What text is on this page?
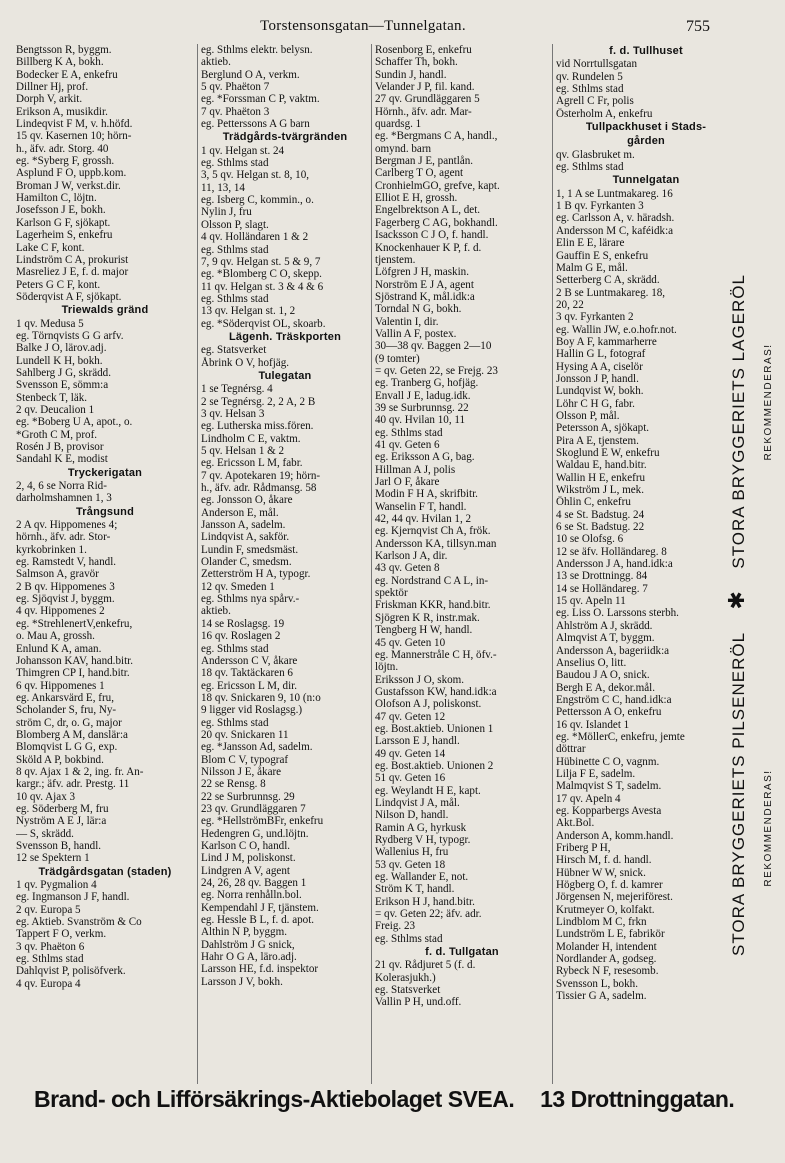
Torstensonsgatan—Tunnelgatan.	755
Bengtsson R, byggm.
Billberg K A, bokh.
Bodecker E A, enkefru
Dillner Hj, prof.
Dorph V, arkit.
Erikson A, musikdir.
Lindeqvist F M, v. h.höfd.
15 qv. Kasernen 10; hörn-
h., äfv. adr. Storg. 40
eg. *Syberg F, grossh.
Asplund F O, uppb.kom.
Broman J W, verkst.dir.
Hamilton C, löjtn.
Josefsson J E, bokh.
Karlson G F, sjökapt.
Lagerheim S, enkefru
Lake C F, kont.
Lindström C A, prokurist
Masreliez J E, f. d. major
Peters G C F, kont.
Söderqvist A F, sjökapt.
Triewalds gränd
1 qv. Medusa 5
eg. Törnqvists G G arfv.
Balke J O, lärov.adj.
Lundell K H, bokh.
Sahlberg J G, skrädd.
Svensson E, sömm:a
Stenbeck T, läk.
2 qv. Deucalion 1
eg. *Boberg U A, apot., o.
*Groth C M, prof.
Rosén J B, provisor
Sandahl K E, modist
Tryckerigatan
2, 4, 6 se Norra Rid-
darholmshamnen 1, 3
Trångsund
2 A qv. Hippomenes 4;
hörnh., äfv. adr. Stor-
kyrkobrinken 1.
eg. Ramstedt V, handl.
Salmson A, gravör
2 B qv. Hippomenes 3
eg. Sjöqvist J, byggm.
4 qv. Hippomenes 2
eg. *StrehlenertV,enkefru,
o. Mau A, grossh.
Enlund K A, aman.
Johansson KAV, hand.bitr.
Thimgren CP I, hand.bitr.
6 qv. Hippomenes 1
eg. Ankarsvärd E, fru,
Scholander S, fru, Ny-
ström C, dr, o. G, major
Blomberg A M, danslär:a
Blomqvist L G G, exp.
Sköld A P, bokbind.
8 qv. Ajax 1 & 2, ing. fr. An-
kargr.; äfv. adr. Prestg. 11
10 qv. Ajax 3
eg. Söderberg M, fru
Nyström A E J, lär:a
— S, skrädd.
Svensson B, handl.
12 se Spektern 1
Trädgårdsgatan (staden)
1 qv. Pygmalion 4
eg. Ingmanson J F, handl.
2 qv. Europa 5
eg. Aktieb. Svanström & Co
Tappert F O, verkm.
3 qv. Phaëton 6
eg. Sthlms stad
Dahlqvist P, polisöfverk.
4 qv. Europa 4
eg. Sthlms elektr. belysn.
aktieb.
Berglund O A, verkm.
5 qv. Phaëton 7
eg. *Forssman C P, vaktm.
7 qv. Phaëton 3
eg. Petterssons A G barn
Trädgårds-tvärgränden
1 qv. Helgan st. 24
eg. Sthlms stad
3, 5 qv. Helgan st. 8, 10,
11, 13, 14
eg. Isberg C, kommin., o.
Nylin J, fru
Olsson P, slagt.
4 qv. Holländaren 1 & 2
eg. Sthlms stad
7, 9 qv. Helgan st. 5 & 9, 7
eg. *Blomberg C O, skepp.
11 qv. Helgan st. 3 & 4 & 6
eg. Sthlms stad
13 qv. Helgan st. 1, 2
eg. *Söderqvist OL, skoarb.
Lägenh. Träskporten
eg. Statsverket
Åbrink O V, hofjäg.
Tulegatan
1 se Tegnérsg. 4
2 se Tegnérsg. 2, 2 A, 2 B
3 qv. Helsan 3
eg. Lutherska miss.fören.
Lindholm C E, vaktm.
5 qv. Helsan 1 & 2
eg. Ericsson L M, fabr.
7 qv. Apotekaren 19; hörn-
h., äfv. adr. Rådmansg. 58
eg. Jonsson O, åkare
Anderson E, mål.
Jansson A, sadelm.
Lindqvist A, sakför.
Lundin F, smedsmäst.
Olander C, smedsm.
Zetterström H A, typogr.
12 qv. Smeden 1
eg. Sthlms nya spårv.-
aktieb.
14 se Roslagsg. 19
16 qv. Roslagen 2
eg. Sthlms stad
Andersson C V, åkare
18 qv. Taktäckaren 6
eg. Ericsson L M, dir.
18 qv. Snickaren 9, 10 (n:o
9 ligger vid Roslagsg.)
eg. Sthlms stad
20 qv. Snickaren 11
eg. *Jansson Ad, sadelm.
Blom C V, typograf
Nilsson J E, åkare
22 se Rensg. 8
22 se Surbrunnsg. 29
23 qv. Grundläggaren 7
eg. *HellströmBFr, enkefru
Hedengren G, und.löjtn.
Karlson C O, handl.
Lind J M, poliskonst.
Lindgren A V, agent
24, 26, 28 qv. Baggen 1
eg. Norra renhålln.bol.
Kempendahl J F, tjänstem.
eg. Hessle B L, f. d. apot.
Althin N P, byggm.
Dahlström J G snick,
Hahr O G A, läro.adj.
Larsson HE, f.d. inspektor
Larsson J V, bokh.
Rosenborg E, enkefru
Schaffer Th, bokh.
Sundin J, handl.
Velander J P, fil. kand.
27 qv. Grundläggaren 5
Hörnh., äfv. adr. Mar-
quardsg. 1
eg. *Bergmans C A, handl.,
omynd. barn
Bergman J E, pantlån.
Carlberg T O, agent
CronhielmGO, grefve, kapt.
Elliot E H, grossh.
Engelbrektson A L, det.
Fagerberg C AG, bokhandl.
Isacksson C J O, f. handl.
Knockenhauer K P, f. d.
tjenstem.
Löfgren J H, maskin.
Norström E J A, agent
Sjöstrand K, mål.idk:a
Torndal N G, bokh.
Valentin I, dir.
Vallin A F, postex.
30—38 qv. Baggen 2—10
(9 tomter)
= qv. Geten 22, se Frejg. 23
eg. Tranberg G, hofjäg.
Envall J E, ladug.idk.
39 se Surbrunnsg. 22
40 qv. Hvilan 10, 11
eg. Sthlms stad
41 qv. Geten 6
eg. Eriksson A G, bag.
Hillman A J, polis
Jarl O F, åkare
Modin F H A, skrifbitr.
Wanselin F T, handl.
42, 44 qv. Hvilan 1, 2
eg. Kjernqvist Ch A, frök.
Andersson KA, tillsyn.man
Karlson J A, dir.
43 qv. Geten 8
eg. Nordstrand C A L, in-
spektör
Friskman KKR, hand.bitr.
Sjögren K R, instr.mak.
Tengberg H W, handl.
45 qv. Geten 10
eg. Mannerstråle C H, öfv.-
löjtn.
Eriksson J O, skom.
Gustafsson KW, hand.idk:a
Olofson A J, poliskonst.
47 qv. Geten 12
eg. Bost.aktieb. Unionen 1
Larsson E J, handl.
49 qv. Geten 14
eg. Bost.aktieb. Unionen 2
51 qv. Geten 16
eg. Weylandt H E, kapt.
Lindqvist J A, mål.
Nilson D, handl.
Ramin A G, hyrkusk
Rydberg V H, typogr.
Wallenius H, fru
53 qv. Geten 18
eg. Wallander E, not.
Ström K T, handl.
Erikson H J, hand.bitr.
= qv. Geten 22; äfv. adr.
Freig. 23
eg. Sthlms stad
f. d. Tullgatan
21 qv. Rådjuret 5 (f. d.
Kolerasjukh.)
eg. Statsverket
Vallin P H, und.off.
f. d. Tullhuset
vid Norrtullsgatan
qv. Rundelen 5
eg. Sthlms stad
Agrell C Fr, polis
Österholm A, enkefru
Tullpackhuset i Stads-
gården
qv. Glasbruket m.
eg. Sthlms stad
Tunnelgatan
1, 1 A se Luntmakareg. 16
1 B qv. Fyrkanten 3
eg. Carlsson A, v. häradsh.
Andersson M C, kaféidk:a
Elin E E, lärare
Gauffin E S, enkefru
Malm G E, mål.
Setterberg C A, skrädd.
2 B se Luntmakareg. 18,
20, 22
3 qv. Fyrkanten 2
eg. Wallin JW, e.o.hofr.not.
Boy A F, kammarherre
Hallin G L, fotograf
Hysing A A, ciselör
Jonsson J P, handl.
Lundqvist W, bokh.
Löhr C H G, fabr.
Olsson P, mål.
Petersson A, sjökapt.
Pira A E, tjenstem.
Skoglund E W, enkefru
Waldau E, hand.bitr.
Wallin H E, enkefru
Wikström J L, mek.
Öhlin C, enkefru
4 se St. Badstug. 24
6 se St. Badstug. 22
10 se Olofsg. 6
12 se äfv. Holländareg. 8
Andersson J A, hand.idk:a
13 se Drottningg. 84
14 se Holländareg. 7
15 qv. Apeln 11
eg. Liss O. Larssons sterbh.
Ahlström A J, skrädd.
Almqvist A T, byggm.
Andersson A, bageriidk:a
Anselius O, litt.
Baudou J A O, snick.
Bergh E A, dekor.mål.
Engström C C, hand.idk:a
Pettersson A O, enkefru
16 qv. Islandet 1
eg. *MöllerC, enkefru, jemte
döttrar
Hübinette C O, vagnm.
Lilja F E, sadelm.
Malmqvist S T, sadelm.
17 qv. Apeln 4
eg. Kopparbergs Avesta
Akt.Bol.
Anderson A, komm.handl.
Friberg P H,
Hirsch M, f. d. handl.
Hübner W W, snick.
Högberg O, f. d. kamrer
Jörgensen N, mejeriförest.
Krutmeyer O, kolfakt.
Lindblom M C, frkn
Lundström L E, fabrikör
Molander H, intendent
Nordlander A, godseg.
Rybeck N F, resesomb.
Svensson L, bokh.
Tissier G A, sadelm.
STORA BRYGGERIETS PILSENERÖL ✱ STORA BRYGGERIETS LAGERÖL
REKOMMENDERAS!  REKOMMENDERAS!
Brand- och Lifförsäkrings-Aktiebolaget SVEA. 13 Drottninggatan.
